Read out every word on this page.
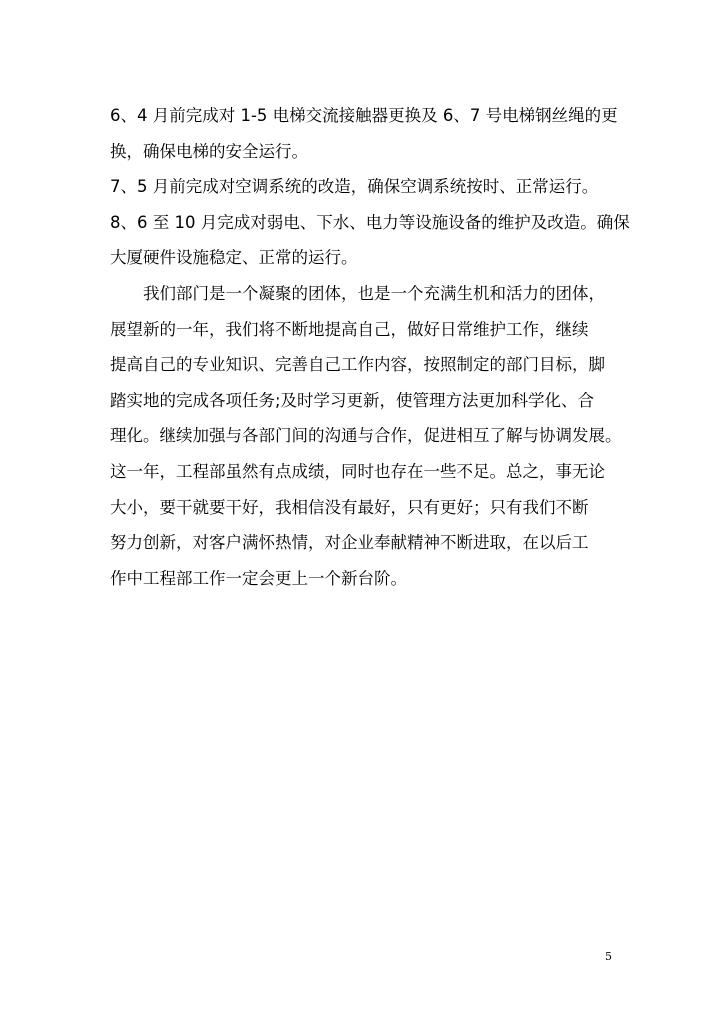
6、4 月前完成对 1-5 电梯交流接触器更换及 6、7 号电梯钢丝绳的更
换，确保电梯的安全运行。
7、5 月前完成对空调系统的改造，确保空调系统按时、正常运行。
8、6 至 10 月完成对弱电、下水、电力等设施设备的维护及改造。确保
大厦硬件设施稳定、正常的运行。
我们部门是一个凝聚的团体，也是一个充满生机和活力的团体，
展望新的一年，我们将不断地提高自己，做好日常维护工作，继续
提高自己的专业知识、完善自己工作内容，按照制定的部门目标，脚
踏实地的完成各项任务;及时学习更新，使管理方法更加科学化、合
理化。继续加强与各部门间的沟通与合作，促进相互了解与协调发展。
这一年，工程部虽然有点成绩，同时也存在一些不足。总之，事无论
大小，要干就要干好，我相信没有最好，只有更好；只有我们不断
努力创新，对客户满怀热情，对企业奉献精神不断进取，在以后工
作中工程部工作一定会更上一个新台阶。
5
